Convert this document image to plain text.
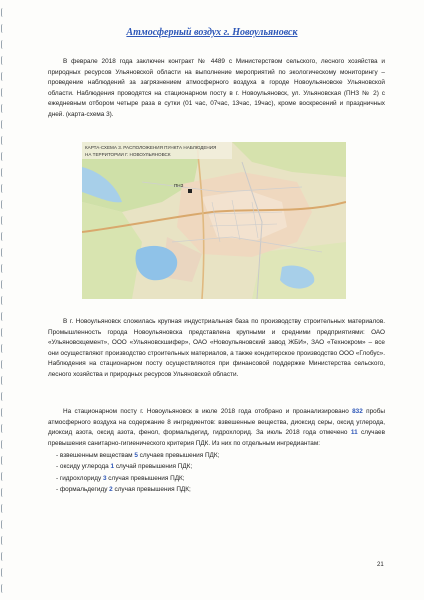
Атмосферный воздух г. Новоульяновск
В феврале 2018 года заключен контракт № 4489 с Министерством сельского, лесного хозяйства и природных ресурсов Ульяновской области на выполнение мероприятий по экологическому мониторингу – проведение наблюдений за загрязнением атмосферного воздуха в городе Новоульяновске Ульяновской области. Наблюдения проводятся на стационарном посту в г. Новоульяновск, ул. Ульяновская (ПНЗ № 2) с ежедневным отбором четыре раза в сутки (01 час, 07час, 13час, 19час), кроме воскресений и праздничных дней. (карта-схема 3).
КАРТА-СХЕМА 3. РАСПОЛОЖЕНИЯ ПУНКТА НАБЛЮДЕНИЯ
НА ТЕРРИТОРИИ Г. НОВОУЛЬЯНОВСК
ПНЗ
В г. Новоульяновск сложилась крупная индустриальная база по производству строительных материалов. Промышленность города Новоульяновска представлена крупными и средними предприятиями: ОАО «Ульяновскцемент», ООО «Ульяновскшифер», ОАО «Новоульяновский завод ЖБИ», ЗАО «Технокром» – все они осуществляют производство строительных материалов, а также кондитерское производство ООО «Глобус». Наблюдения на стационарном посту осуществляются при финансовой поддержке Министерства сельского, лесного хозяйства и природных ресурсов Ульяновской области.
На стационарном посту г. Новоульяновск в июле 2018 года отобрано и проанализировано 832 пробы атмосферного воздуха на содержание 8 ингредиентов: взвешенные вещества, диоксид серы, оксид углерода, диоксид азота, оксид азота, фенол, формальдегид, гидрохлорид. За июль 2018 года отмечено 11 случаев превышения санитарно-гигиенического критерия ПДК. Из них по отдельным ингредиантам:
- взвешенным веществам 5 случаев превышения ПДК;
- оксиду углерода 1 случай превышения ПДК;
- гидрохлориду 3 случая превышения ПДК;
- формальдегиду 2 случая превышения ПДК;
21
